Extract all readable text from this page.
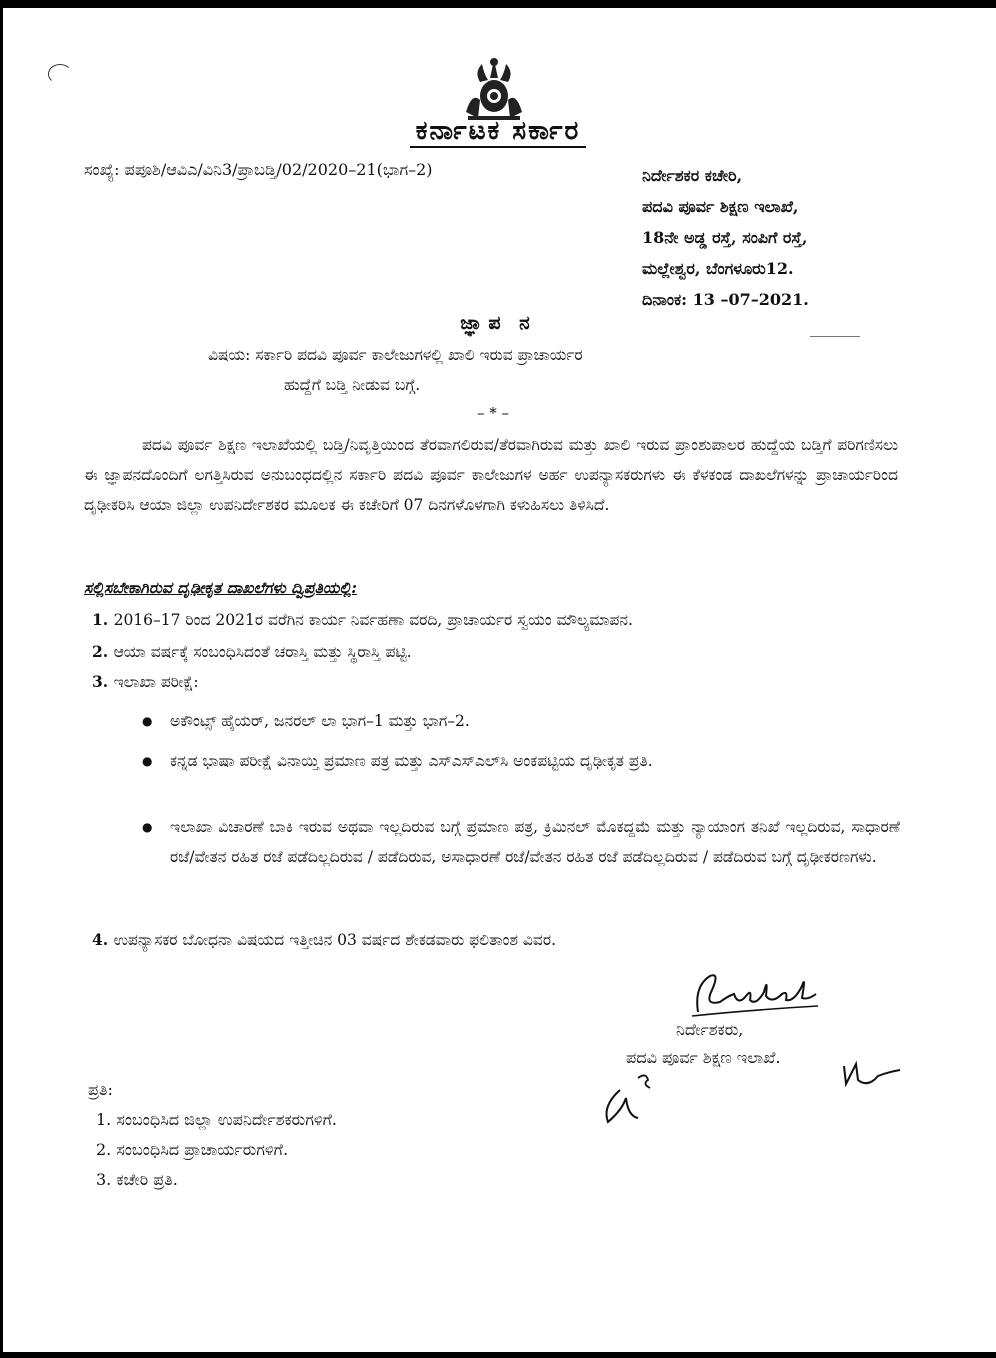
ಕರ್ನಾಟಕ ಸರ್ಕಾರ
ಸಂಖ್ಯೆ: ಪಪೂಶಿ/ಆವಿಎ/ವಿನಿ3/ಪ್ರಾಬಡ್ತಿ/02/2020–21(ಭಾಗ–2)	ನಿರ್ದೇಶಕರ ಕಚೇರಿ,
ಪದವಿ ಪೂರ್ವ ಶಿಕ್ಷಣ ಇಲಾಖೆ,
18ನೇ ಅಡ್ಡ ರಸ್ತೆ, ಸಂಪಿಗೆ ರಸ್ತೆ,
ಮಲ್ಲೇಶ್ವರ, ಬೆಂಗಳೂರು12.
ದಿನಾಂಕ: 13 –07–2021.
ಜ್ಞಾಪ ನ
ವಿಷಯ: ಸರ್ಕಾರಿ ಪದವಿ ಪೂರ್ವ ಕಾಲೇಜುಗಳಲ್ಲಿ ಖಾಲಿ ಇರುವ ಪ್ರಾಚಾರ್ಯರ
ಹುದ್ದೆಗೆ ಬಡ್ತಿ ನೀಡುವ ಬಗ್ಗೆ.
– * –
ಪದವಿ ಪೂರ್ವ ಶಿಕ್ಷಣ ಇಲಾಖೆಯಲ್ಲಿ ಬಡ್ತಿ/ನಿವೃತ್ತಿಯಿಂದ ತೆರವಾಗಲಿರುವ/ತೆರವಾಗಿರುವ ಮತ್ತು ಖಾಲಿ ಇರುವ ಪ್ರಾಂಶುಪಾಲರ ಹುದ್ದೆಯ ಬಡ್ತಿಗೆ ಪರಿಗಣಿಸಲು ಈ ಜ್ಞಾಪನದೊಂದಿಗೆ ಲಗತ್ತಿಸಿರುವ ಅನುಬಂಧದಲ್ಲಿನ ಸರ್ಕಾರಿ ಪದವಿ ಪೂರ್ವ ಕಾಲೇಜುಗಳ ಅರ್ಹ ಉಪನ್ಯಾಸಕರುಗಳು ಈ ಕೆಳಕಂಡ ದಾಖಲೆಗಳನ್ನು ಪ್ರಾಚಾರ್ಯರಿಂದ ದೃಢೀಕರಿಸಿ ಆಯಾ ಜಿಲ್ಲಾ ಉಪನಿರ್ದೇಶಕರ ಮೂಲಕ ಈ ಕಚೇರಿಗೆ 07 ದಿನಗಳೊಳಗಾಗಿ ಕಳುಹಿಸಲು ತಿಳಿಸಿದೆ.
ಸಲ್ಲಿಸಬೇಕಾಗಿರುವ ದೃಢೀಕೃತ ದಾಖಲೆಗಳು ದ್ವಿಪ್ರತಿಯಲ್ಲಿ:
1. 2016–17 ರಿಂದ 2021ರ ವರೆಗಿನ ಕಾರ್ಯ ನಿರ್ವಹಣಾ ವರದಿ, ಪ್ರಾಚಾರ್ಯರ ಸ್ವಯಂ ಮೌಲ್ಯಮಾಪನ.
2. ಆಯಾ ವರ್ಷಕ್ಕೆ ಸಂಬಂಧಿಸಿದಂತೆ ಚರಾಸ್ತಿ ಮತ್ತು ಸ್ಥಿರಾಸ್ತಿ ಪಟ್ಟಿ.
3. ಇಲಾಖಾ ಪರೀಕ್ಷೆ:
● ಅಕೌಂಟ್ಸ್ ಹೈಯರ್, ಜನರಲ್ ಲಾ ಭಾಗ–1 ಮತ್ತು ಭಾಗ–2.
● ಕನ್ನಡ ಭಾಷಾ ಪರೀಕ್ಷೆ ವಿನಾಯ್ತಿ ಪ್ರಮಾಣ ಪತ್ರ ಮತ್ತು ಎಸ್‌ಎಸ್‌ಎಲ್‌ಸಿ ಅಂಕಪಟ್ಟಿಯ ದೃಢೀಕೃತ ಪ್ರತಿ.
● ಇಲಾಖಾ ವಿಚಾರಣೆ ಬಾಕಿ ಇರುವ ಅಥವಾ ಇಲ್ಲದಿರುವ ಬಗ್ಗೆ ಪ್ರಮಾಣ ಪತ್ರ, ಕ್ರಿಮಿನಲ್ ಮೊಕದ್ದಮೆ ಮತ್ತು ನ್ಯಾಯಾಂಗ ತನಿಖೆ ಇಲ್ಲದಿರುವ, ಸಾಧಾರಣೆ ರಜೆ/ವೇತನ ರಹಿತ ರಜೆ ಪಡೆದಿಲ್ಲದಿರುವ / ಪಡೆದಿರುವ, ಅಸಾಧಾರಣೆ ರಜೆ/ವೇತನ ರಹಿತ ರಜೆ ಪಡೆದಿಲ್ಲದಿರುವ / ಪಡೆದಿರುವ ಬಗ್ಗೆ ದೃಢೀಕರಣಗಳು.
4. ಉಪನ್ಯಾಸಕರ ಬೋಧನಾ ವಿಷಯದ ಇತ್ತೀಚಿನ 03 ವರ್ಷದ ಶೇಕಡವಾರು ಫಲಿತಾಂಶ ವಿವರ.
ನಿರ್ದೇಶಕರು,
ಪದವಿ ಪೂರ್ವ ಶಿಕ್ಷಣ ಇಲಾಖೆ.
ಪ್ರತಿ:
1. ಸಂಬಂಧಿಸಿದ ಜಿಲ್ಲಾ ಉಪನಿರ್ದೇಶಕರುಗಳಿಗೆ.
2. ಸಂಬಂಧಿಸಿದ ಪ್ರಾಚಾರ್ಯರುಗಳಿಗೆ.
3. ಕಚೇರಿ ಪ್ರತಿ.
